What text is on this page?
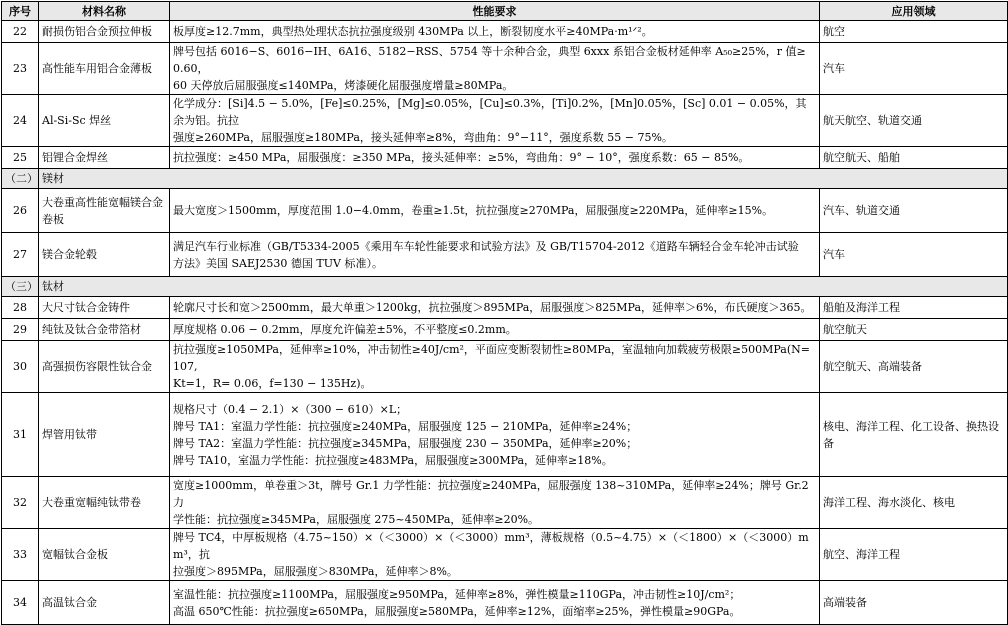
序号	材料名称	性能要求	应用领域
22	耐损伤铝合金预拉伸板	板厚度≥12.7mm，典型热处理状态抗拉强度级别 430MPa 以上，断裂韧度水平≥40MPa·m¹ᐟ²。	航空
23	高性能车用铝合金薄板	牌号包括 6016−S、6016−IH、6A16、5182−RSS、5754 等十余种合金，典型 6xxx 系铝合金板材延伸率 A₅₀≥25%，r 值≥0.60，
60 天停放后屈服强度≤140MPa，烤漆硬化屈服强度增量≥80MPa。	汽车
24	Al-Si-Sc 焊丝	化学成分：[Si]4.5 − 5.0%，[Fe]≤0.25%，[Mg]≤0.05%，[Cu]≤0.3%，[Ti]0.2%，[Mn]0.05%，[Sc] 0.01 − 0.05%，其余为铝。抗拉
强度≥260MPa，屈服强度≥180MPa，接头延伸率≥8%，弯曲角：9°−11°，强度系数 55 − 75%。	航天航空、轨道交通
25	铝锂合金焊丝	抗拉强度：≥450 MPa，屈服强度：≥350 MPa，接头延伸率：≥5%，弯曲角：9° − 10°，强度系数：65 − 85%。	航空航天、船舶
（二）	镁材		
26	大卷重高性能宽幅镁合金卷板	最大宽度＞1500mm，厚度范围 1.0−4.0mm，卷重≥1.5t，抗拉强度≥270MPa，屈服强度≥220MPa，延伸率≥15%。	汽车、轨道交通
27	镁合金轮毂	满足汽车行业标准（GB/T5334-2005《乘用车车轮性能要求和试验方法》及 GB/T15704-2012《道路车辆轻合金车轮冲击试验
方法》美国 SAEJ2530 德国 TUV 标准）。	汽车
（三）	钛材		
28	大尺寸钛合金铸件	轮廓尺寸长和宽＞2500mm，最大单重＞1200kg，抗拉强度＞895MPa，屈服强度＞825MPa，延伸率＞6%，布氏硬度＞365。	船舶及海洋工程
29	纯钛及钛合金带箔材	厚度规格 0.06 − 0.2mm，厚度允许偏差±5%，不平整度≤0.2mm。	航空航天
30	高强损伤容限性钛合金	抗拉强度≥1050MPa，延伸率≥10%，冲击韧性≥40J/cm²，平面应变断裂韧性≥80MPa，室温轴向加载疲劳极限≥500MPa(N=107,
Kt=1，R= 0.06，f=130 − 135Hz)。	航空航天、高端装备
31	焊管用钛带	规格尺寸（0.4 − 2.1）×（300 − 610）×L；
牌号 TA1：室温力学性能：抗拉强度≥240MPa，屈服强度 125 − 210MPa，延伸率≥24%；
牌号 TA2：室温力学性能：抗拉强度≥345MPa，屈服强度 230 − 350MPa，延伸率≥20%；
牌号 TA10，室温力学性能：抗拉强度≥483MPa，屈服强度≥300MPa，延伸率≥18%。	核电、海洋工程、化工设备、换热设备
32	大卷重宽幅纯钛带卷	宽度≥1000mm，单卷重＞3t，牌号 Gr.1 力学性能：抗拉强度≥240MPa，屈服强度 138~310MPa，延伸率≥24%；牌号 Gr.2 力
学性能：抗拉强度≥345MPa，屈服强度 275~450MPa，延伸率≥20%。	海洋工程、海水淡化、核电
33	宽幅钛合金板	牌号 TC4，中厚板规格（4.75~150）×（＜3000）×（＜3000）mm³，薄板规格（0.5~4.75）×（＜1800）×（＜3000）mm³，抗
拉强度＞895MPa，屈服强度＞830MPa，延伸率＞8%。	航空、海洋工程
34	高温钛合金	室温性能：抗拉强度≥1100MPa，屈服强度≥950MPa，延伸率≥8%，弹性模量≥110GPa，冲击韧性≥10J/cm²；
高温 650℃性能：抗拉强度≥650MPa，屈服强度≥580MPa，延伸率≥12%，面缩率≥25%，弹性模量≥90GPa。	高端装备
